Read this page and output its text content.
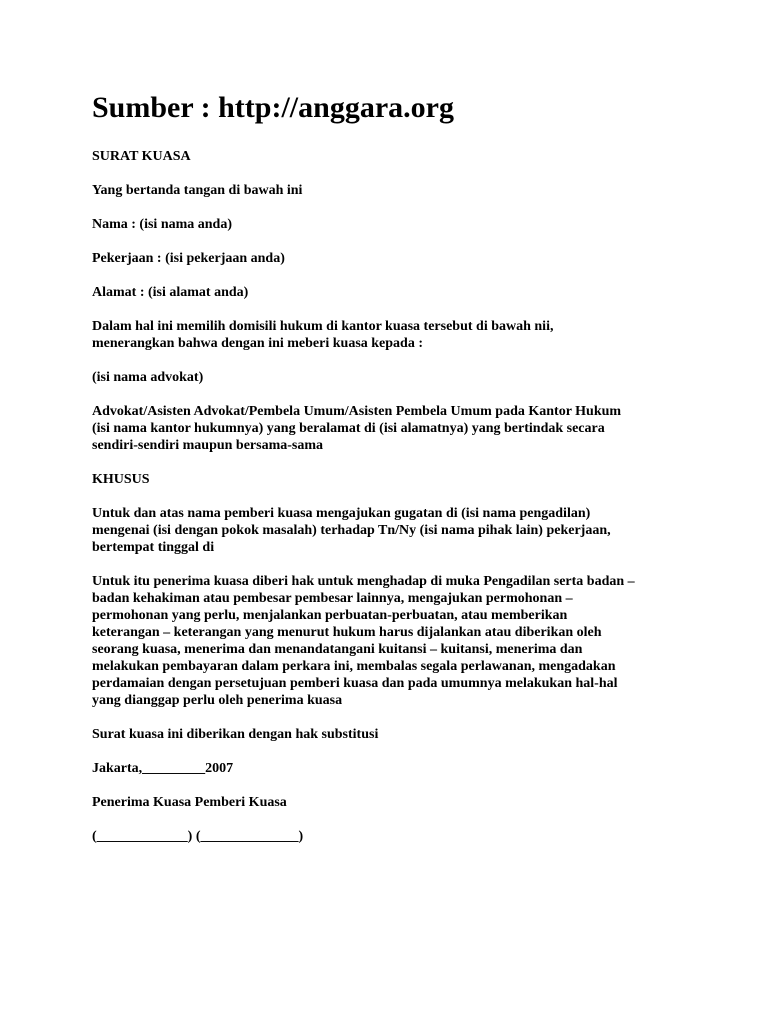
Sumber : http://anggara.org
SURAT KUASA
Yang bertanda tangan di bawah ini
Nama : (isi nama anda)
Pekerjaan : (isi pekerjaan anda)
Alamat : (isi alamat anda)
Dalam hal ini memilih domisili hukum di kantor kuasa tersebut di bawah nii,
menerangkan bahwa dengan ini meberi kuasa kepada :
(isi nama advokat)
Advokat/Asisten Advokat/Pembela Umum/Asisten Pembela Umum pada Kantor Hukum
(isi nama kantor hukumnya) yang beralamat di (isi alamatnya) yang bertindak secara
sendiri-sendiri maupun bersama-sama
KHUSUS
Untuk dan atas nama pemberi kuasa mengajukan gugatan di (isi nama pengadilan)
mengenai (isi dengan pokok masalah) terhadap Tn/Ny (isi nama pihak lain) pekerjaan,
bertempat tinggal di
Untuk itu penerima kuasa diberi hak untuk menghadap di muka Pengadilan serta badan –
badan kehakiman atau pembesar pembesar lainnya, mengajukan permohonan –
permohonan yang perlu, menjalankan perbuatan-perbuatan, atau memberikan
keterangan – keterangan yang menurut hukum harus dijalankan atau diberikan oleh
seorang kuasa, menerima dan menandatangani kuitansi – kuitansi, menerima dan
melakukan pembayaran dalam perkara ini, membalas segala perlawanan, mengadakan
perdamaian dengan persetujuan pemberi kuasa dan pada umumnya melakukan hal-hal
yang dianggap perlu oleh penerima kuasa
Surat kuasa ini diberikan dengan hak substitusi
Jakarta,_________2007
Penerima Kuasa Pemberi Kuasa
(_____________) (______________)
